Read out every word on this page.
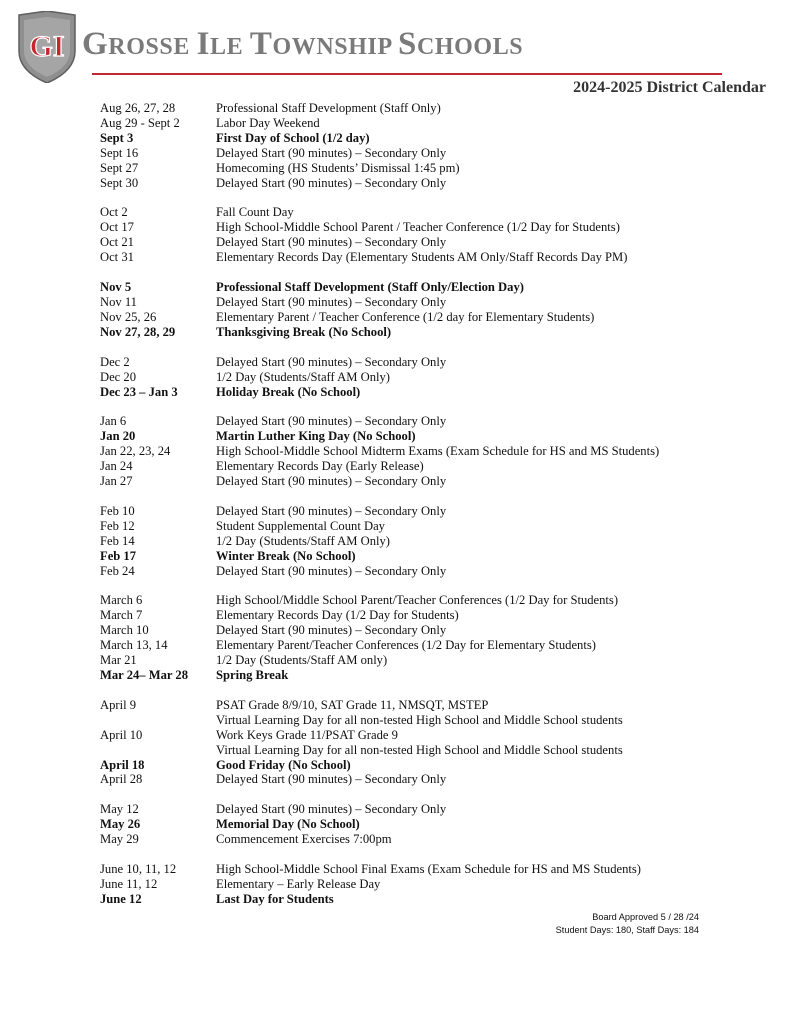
GI GROSSE ILE TOWNSHIP SCHOOLS
2024-2025 District Calendar
Aug 26, 27, 28	Professional Staff Development (Staff Only)
Aug 29 - Sept 2	Labor Day Weekend
Sept 3	First Day of School (1/2 day)
Sept 16	Delayed Start (90 minutes) – Secondary Only
Sept 27	Homecoming (HS Students’ Dismissal 1:45 pm)
Sept 30	Delayed Start (90 minutes) – Secondary Only
Oct 2	Fall Count Day
Oct 17	High School-Middle School Parent / Teacher Conference (1/2 Day for Students)
Oct 21	Delayed Start (90 minutes) – Secondary Only
Oct 31	Elementary Records Day (Elementary Students AM Only/Staff Records Day PM)
Nov 5	Professional Staff Development (Staff Only/Election Day)
Nov 11	Delayed Start (90 minutes) – Secondary Only
Nov 25, 26	Elementary Parent / Teacher Conference (1/2 day for Elementary Students)
Nov 27, 28, 29	Thanksgiving Break (No School)
Dec 2	Delayed Start (90 minutes) – Secondary Only
Dec 20	1/2 Day (Students/Staff AM Only)
Dec 23 – Jan 3	Holiday Break (No School)
Jan 6	Delayed Start (90 minutes) – Secondary Only
Jan 20	Martin Luther King Day (No School)
Jan 22, 23, 24	High School-Middle School Midterm Exams (Exam Schedule for HS and MS Students)
Jan 24	Elementary Records Day (Early Release)
Jan 27	Delayed Start (90 minutes) – Secondary Only
Feb 10	Delayed Start (90 minutes) – Secondary Only
Feb 12	Student Supplemental Count Day
Feb 14	1/2 Day (Students/Staff AM Only)
Feb 17	Winter Break (No School)
Feb 24	Delayed Start (90 minutes) – Secondary Only
March 6	High School/Middle School Parent/Teacher Conferences (1/2 Day for Students)
March 7	Elementary Records Day (1/2 Day for Students)
March 10	Delayed Start (90 minutes) – Secondary Only
March 13, 14	Elementary Parent/Teacher Conferences (1/2 Day for Elementary Students)
Mar 21	1/2 Day (Students/Staff AM only)
Mar 24– Mar 28	Spring Break
April 9	PSAT Grade 8/9/10, SAT Grade 11, NMSQT, MSTEP
Virtual Learning Day for all non-tested High School and Middle School students
April 10	Work Keys Grade 11/PSAT Grade 9
Virtual Learning Day for all non-tested High School and Middle School students
April 18	Good Friday (No School)
April 28	Delayed Start (90 minutes) – Secondary Only
May 12	Delayed Start (90 minutes) – Secondary Only
May 26	Memorial Day (No School)
May 29	Commencement Exercises 7:00pm
June 10, 11, 12	High School-Middle School Final Exams (Exam Schedule for HS and MS Students)
June 11, 12	Elementary – Early Release Day
June 12	Last Day for Students
Board Approved 5 / 28 /24
Student Days: 180, Staff Days: 184
